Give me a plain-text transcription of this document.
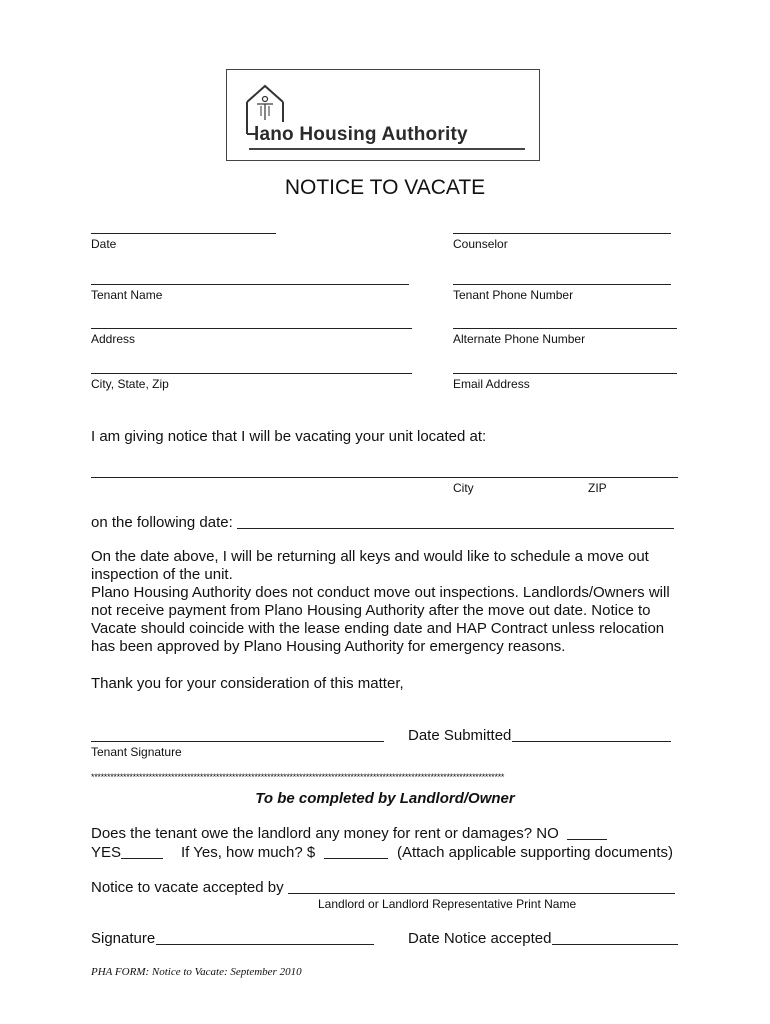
lano Housing Authority
NOTICE TO VACATE
Date	Counselor
Tenant Name	Tenant Phone Number
Address	Alternate Phone Number
City, State, Zip	Email Address
I am giving notice that I will be vacating your unit located at:
City	ZIP
on the following date:
On the date above, I will be returning all keys and would like to schedule a move out
inspection of the unit.
Plano Housing Authority does not conduct move out inspections. Landlords/Owners will
not receive payment from Plano Housing Authority after the move out date. Notice to
Vacate should coincide with the lease ending date and HAP Contract unless relocation
has been approved by Plano Housing Authority for emergency reasons.
Thank you for your consideration of this matter,
Tenant Signature
Date Submitted
*********************************************************************************************************************************
To be completed by Landlord/Owner
Does the tenant owe the landlord any money for rent or damages? NO
YES	If Yes, how much? $	(Attach applicable supporting documents)
Notice to vacate accepted by
Landlord or Landlord Representative Print Name
Signature	Date Notice accepted
PHA FORM: Notice to Vacate: September 2010
